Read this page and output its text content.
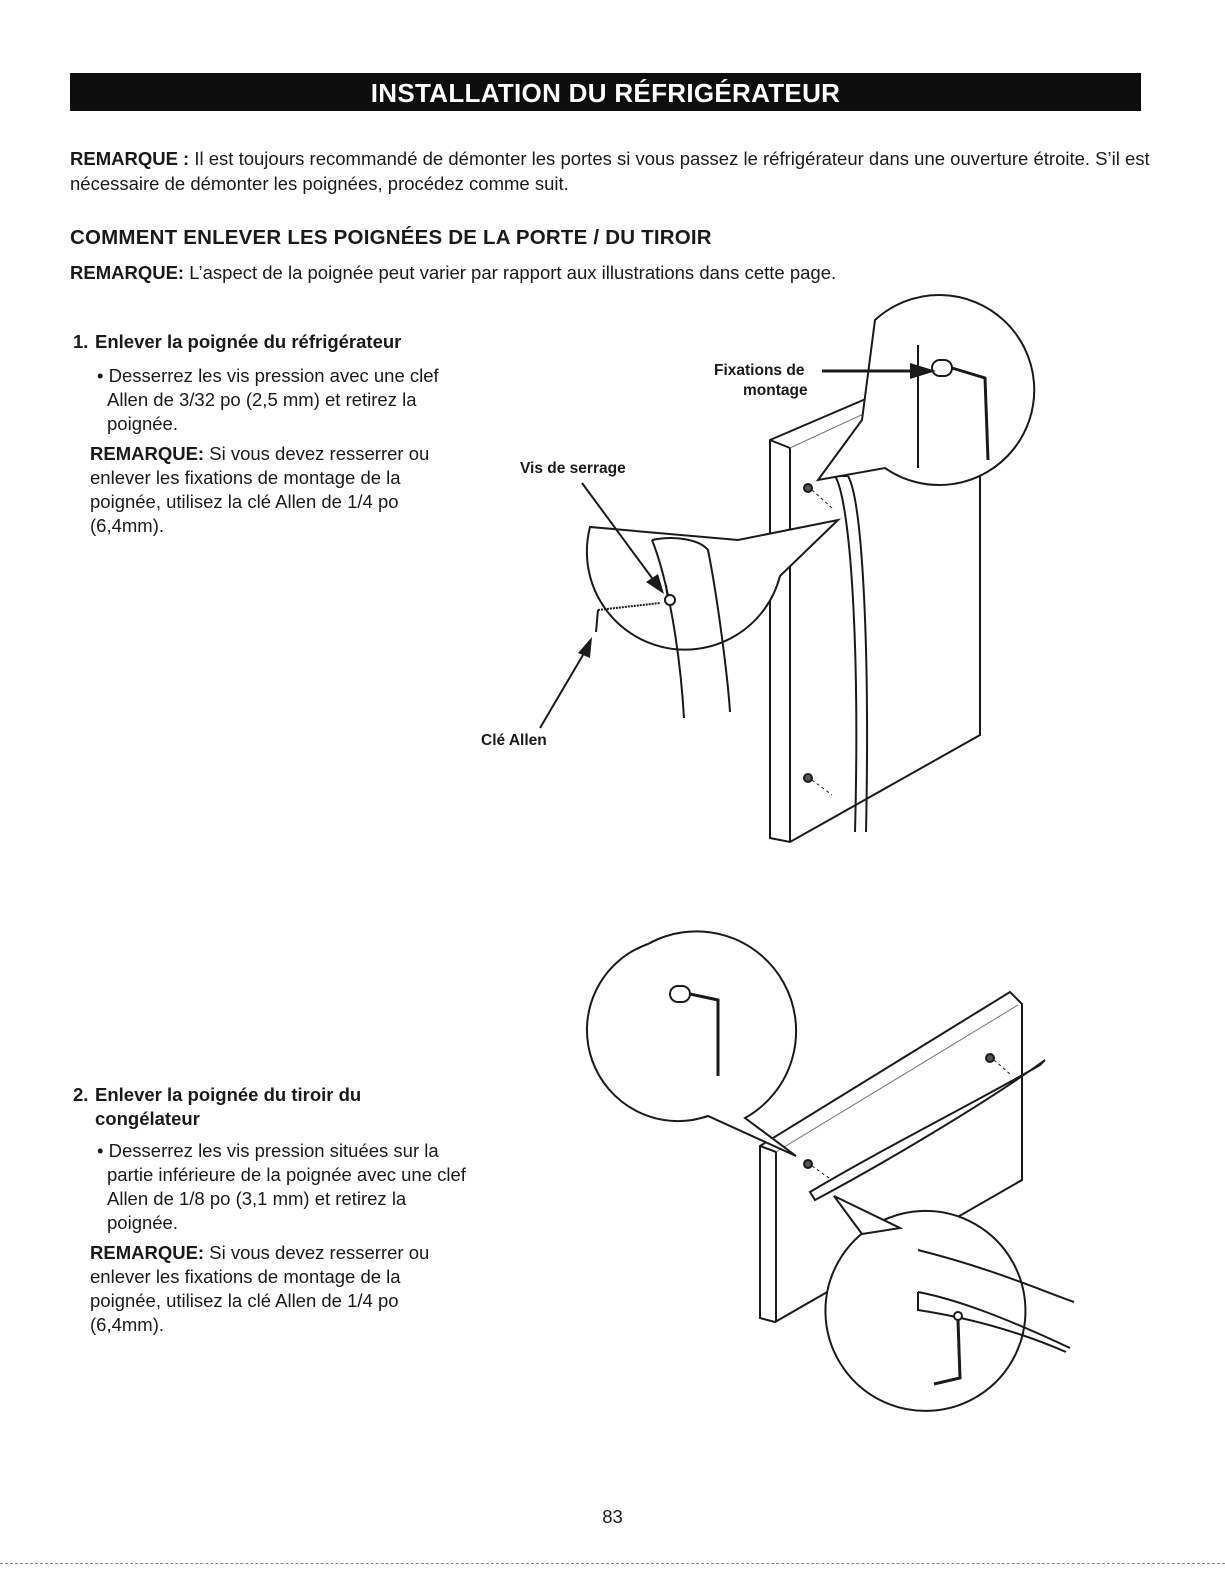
INSTALLATION DU RÉFRIGÉRATEUR
REMARQUE : Il est toujours recommandé de démonter les portes si vous passez le réfrigérateur dans une ouverture étroite. S’il est nécessaire de démonter les poignées, procédez comme suit.
COMMENT ENLEVER LES POIGNÉES DE LA PORTE / DU TIROIR
REMARQUE: L’aspect de la poignée peut varier par rapport aux illustrations dans cette page.
1. Enlever la poignée du réfrigérateur
• Desserrez les vis pression avec une clef Allen de 3/32 po (2,5 mm) et retirez la poignée.
REMARQUE: Si vous devez resserrer ou enlever les fixations de montage de la poignée, utilisez la clé Allen de 1/4 po (6,4mm).
2. Enlever la poignée du tiroir du
congélateur
• Desserrez les vis pression situées sur la partie inférieure de la poignée avec une clef Allen de 1/8 po (3,1 mm) et retirez la poignée.
REMARQUE: Si vous devez resserrer ou enlever les fixations de montage de la poignée, utilisez la clé Allen de 1/4 po (6,4mm).
Fixations de
montage
Vis de serrage
Clé Allen
83
